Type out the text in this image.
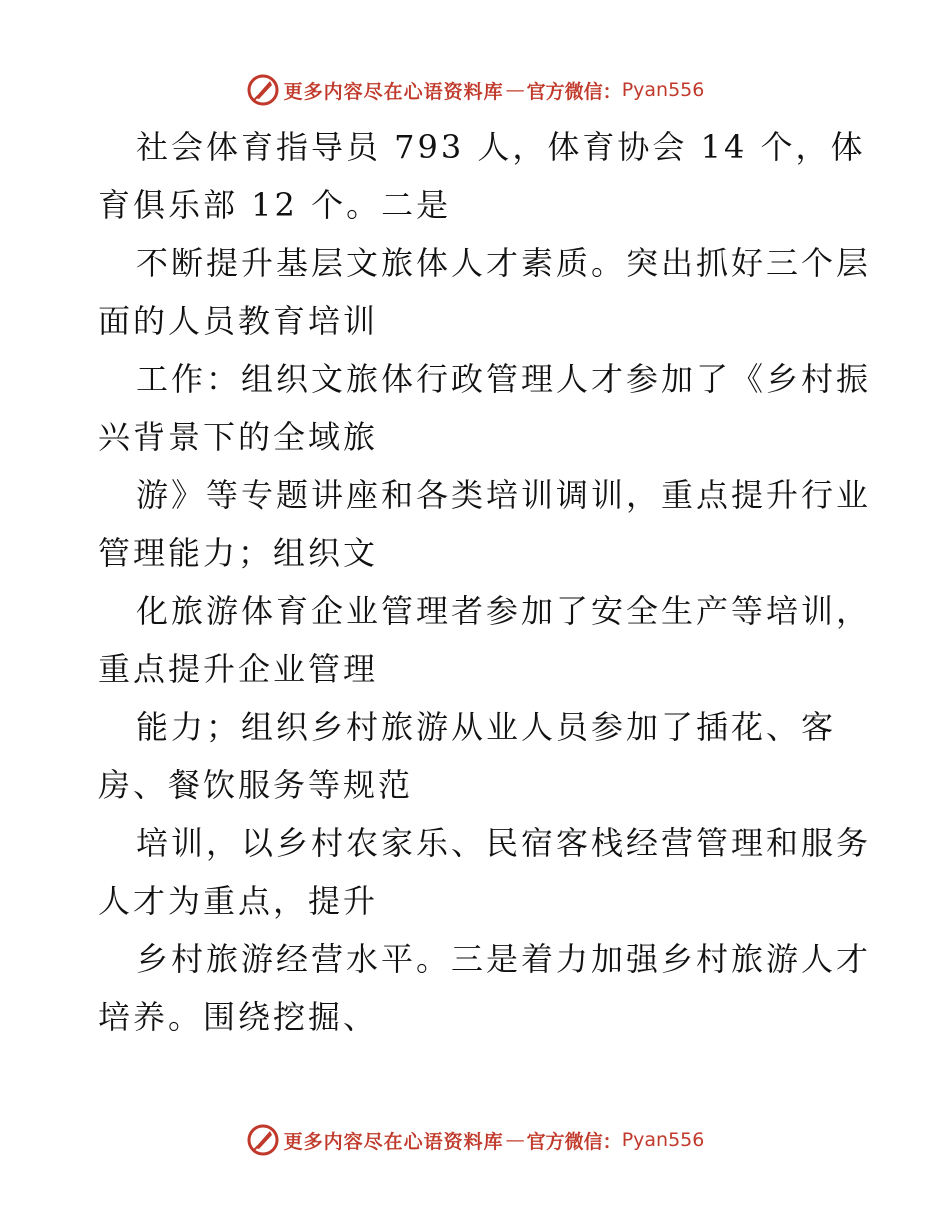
更多内容尽在心语资料库 — 官方微信： Pyan556

社会体育指导员 793 人，体育协会 14 个，体
育俱乐部 12 个。二是

不断提升基层文旅体人才素质。突出抓好三个层
面的人员教育培训

工作：组织文旅体行政管理人才参加了《乡村振
兴背景下的全域旅

游》等专题讲座和各类培训调训，重点提升行业
管理能力；组织文

化旅游体育企业管理者参加了安全生产等培训，
重点提升企业管理

能力；组织乡村旅游从业人员参加了插花、客
房、餐饮服务等规范

培训，以乡村农家乐、民宿客栈经营管理和服务
人才为重点，提升

乡村旅游经营水平。三是着力加强乡村旅游人才
培养。围绕挖掘、

更多内容尽在心语资料库 — 官方微信： Pyan556
